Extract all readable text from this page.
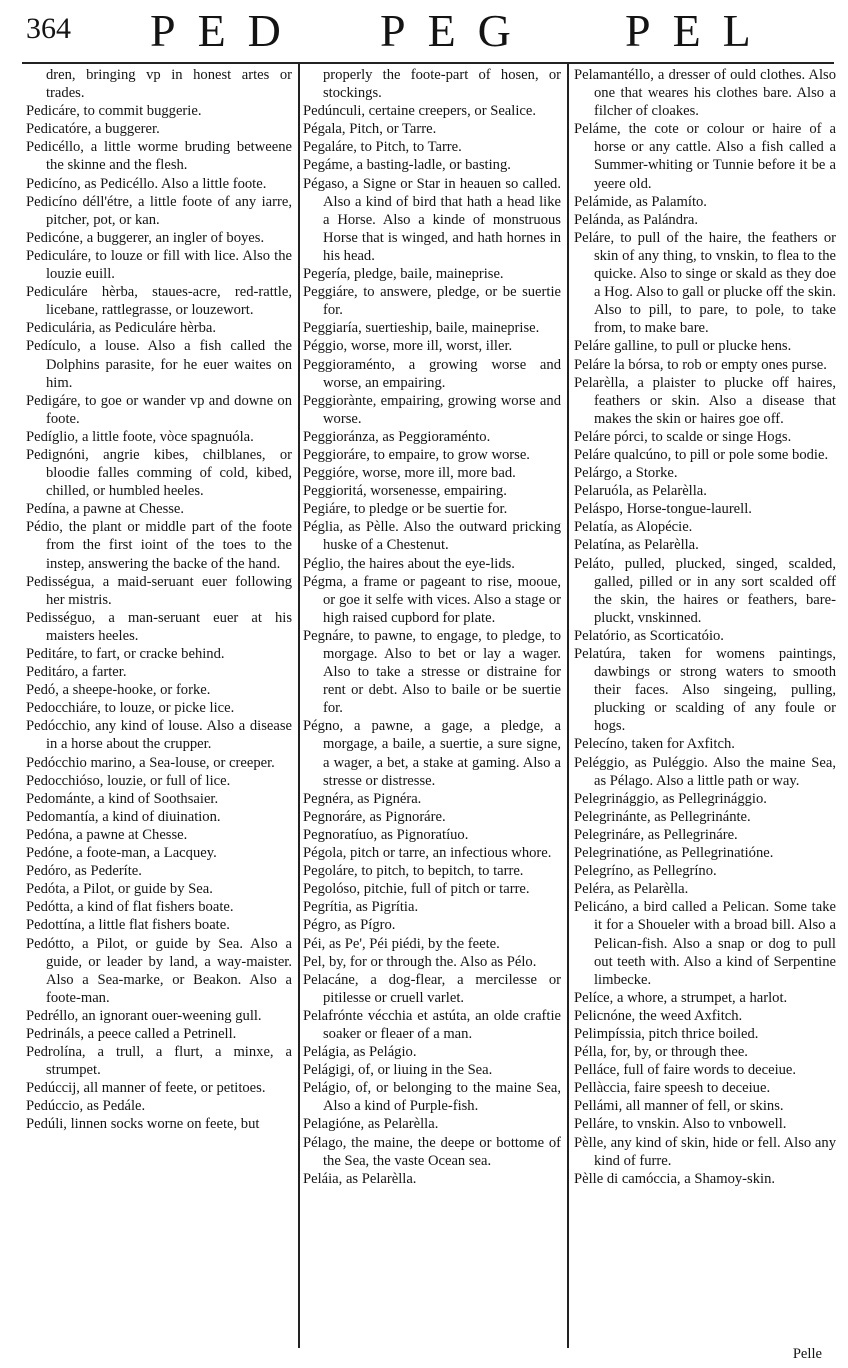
364 PED PEG PEL

dren, bringing vp in honest artes or trades.

Pedicáre, to commit buggerie.

Pedicatóre, a buggerer.

Pedicéllo, a little worme bruding betweene the skinne and the flesh.

Pedicíno, as Pedicéllo. Also a little foote.

Pedicíno déll'étre, a little foote of any iarre, pitcher, pot, or kan.

Pedicóne, a buggerer, an ingler of boyes.

Pediculáre, to louze or fill with lice. Also the louzie euill.

Pediculáre hèrba, staues-acre, red-rattle, licebane, rattlegrasse, or louzewort.

Pediculária, as Pediculáre hèrba.

Pedículo, a louse. Also a fish called the Dolphins parasite, for he euer waites on him.

Pedigáre, to goe or wander vp and downe on foote.

Pedíglio, a little foote, vòce spagnuóla.

Pedignóni, angrie kibes, chilblanes, or bloodie falles comming of cold, kibed, chilled, or humbled heeles.

Pedína, a pawne at Chesse.

Pédio, the plant or middle part of the foote from the first ioint of the toes to the instep, answering the backe of the hand.

Pedisségua, a maid-seruant euer following her mistris.

Pedisséguo, a man-seruant euer at his maisters heeles.

Peditáre, to fart, or cracke behind.

Peditáro, a farter.

Pedó, a sheepe-hooke, or forke.

Pedocchiáre, to louze, or picke lice.

Pedócchio, any kind of louse. Also a disease in a horse about the crupper.

Pedócchio marino, a Sea-louse, or creeper.

Pedocchióso, louzie, or full of lice.

Pedománte, a kind of Soothsaier.

Pedomantía, a kind of diuination.

Pedóna, a pawne at Chesse.

Pedóne, a foote-man, a Lacquey.

Pedóro, as Pederíte.

Pedóta, a Pilot, or guide by Sea.

Pedótta, a kind of flat fishers boate.

Pedottína, a little flat fishers boate.

Pedótto, a Pilot, or guide by Sea. Also a guide, or leader by land, a way-maister. Also a Sea-marke, or Beakon. Also a foote-man.

Pedréllo, an ignorant ouer-weening gull.

Pedrináls, a peece called a Petrinell.

Pedrolína, a trull, a flurt, a minxe, a strumpet.

Pedúccij, all manner of feete, or petitoes.

Pedúccio, as Pedále.

Pedúli, linnen socks worne on feete, but

properly the foote-part of hosen, or stockings.

Pedúnculi, certaine creepers, or Sealice.

Pégala, Pitch, or Tarre.

Pegaláre, to Pitch, to Tarre.

Pegáme, a basting-ladle, or basting.

Pégaso, a Signe or Star in heauen so called. Also a kind of bird that hath a head like a Horse. Also a kinde of monstruous Horse that is winged, and hath hornes in his head.

Pegería, pledge, baile, maineprise.

Peggiáre, to answere, pledge, or be suertie for.

Peggiaría, suertieship, baile, maineprise.

Péggio, worse, more ill, worst, iller.

Peggioraménto, a growing worse and worse, an empairing.

Peggiorànte, empairing, growing worse and worse.

Peggioránza, as Peggioraménto.

Peggioráre, to empaire, to grow worse.

Peggióre, worse, more ill, more bad.

Peggioritá, worsenesse, empairing.

Pegiáre, to pledge or be suertie for.

Péglia, as Pèlle. Also the outward pricking huske of a Chestenut.

Péglio, the haires about the eye-lids.

Pégma, a frame or pageant to rise, mooue, or goe it selfe with vices. Also a stage or high raised cupbord for plate.

Pegnáre, to pawne, to engage, to pledge, to morgage. Also to bet or lay a wager. Also to take a stresse or distraine for rent or debt. Also to baile or be suertie for.

Pégno, a pawne, a gage, a pledge, a morgage, a baile, a suertie, a sure signe, a wager, a bet, a stake at gaming. Also a stresse or distresse.

Pegnéra, as Pignéra.

Pegnoráre, as Pignoráre.

Pegnoratíuo, as Pignoratíuo.

Pégola, pitch or tarre, an infectious whore.

Pegoláre, to pitch, to bepitch, to tarre.

Pegolóso, pitchie, full of pitch or tarre.

Pegrítia, as Pigrítia.

Pégro, as Pígro.

Péi, as Pe', Péi piédi, by the feete.

Pel, by, for or through the. Also as Pélo.

Pelacáne, a dog-flear, a mercilesse or pitilesse or cruell varlet.

Pelafrónte vécchia et astúta, an olde craftie soaker or fleaer of a man.

Pelágia, as Pelágio.

Pelágigi, of, or liuing in the Sea.

Pelágio, of, or belonging to the maine Sea, Also a kind of Purple-fish.

Pelagióne, as Pelarèlla.

Pélago, the maine, the deepe or bottome of the Sea, the vaste Ocean sea.

Peláia, as Pelarèlla.

Pelamantéllo, a dresser of ould clothes. Also one that weares his clothes bare. Also a filcher of cloakes.

Peláme, the cote or colour or haire of a horse or any cattle. Also a fish called a Summer-whiting or Tunnie before it be a yeere old.

Pelámide, as Palamíto.

Pelánda, as Palándra.

Peláre, to pull of the haire, the feathers or skin of any thing, to vnskin, to flea to the quicke. Also to singe or skald as they doe a Hog. Also to gall or plucke off the skin. Also to pill, to pare, to pole, to take from, to make bare.

Peláre galline, to pull or plucke hens.

Peláre la bórsa, to rob or empty ones purse.

Pelarèlla, a plaister to plucke off haires, feathers or skin. Also a disease that makes the skin or haires goe off.

Peláre pórci, to scalde or singe Hogs.

Peláre qualcúno, to pill or pole some bodie.

Pelárgo, a Storke.

Pelaruóla, as Pelarèlla.

Peláspo, Horse-tongue-laurell.

Pelatía, as Alopécie.

Pelatína, as Pelarèlla.

Peláto, pulled, plucked, singed, scalded, galled, pilled or in any sort scalded off the skin, the haires or feathers, bare-pluckt, vnskinned.

Pelatório, as Scorticatóio.

Pelatúra, taken for womens paintings, dawbings or strong waters to smooth their faces. Also singeing, pulling, plucking or scalding of any foule or hogs.

Pelecíno, taken for Axfitch.

Peléggio, as Puléggio. Also the maine Sea, as Pélago. Also a little path or way.

Pelegrinággio, as Pellegrinággio.

Pelegrinánte, as Pellegrinánte.

Pelegrináre, as Pellegrináre.

Pelegrinatióne, as Pellegrinatióne.

Pelegríno, as Pellegríno.

Peléra, as Pelarèlla.

Pelicáno, a bird called a Pelican. Some take it for a Shoueler with a broad bill. Also a Pelican-fish. Also a snap or dog to pull out teeth with. Also a kind of Serpentine limbecke.

Pelíce, a whore, a strumpet, a harlot.

Pelicnóne, the weed Axfitch.

Pelimpíssia, pitch thrice boiled.

Pélla, for, by, or through thee.

Pelláce, full of faire words to deceiue.

Pellàccia, faire speesh to deceiue.

Pellámi, all manner of fell, or skins.

Pelláre, to vnskin. Also to vnbowell.

Pèlle, any kind of skin, hide or fell. Also any kind of furre.

Pèlle di camóccia, a Shamoy-skin.

Pelle
